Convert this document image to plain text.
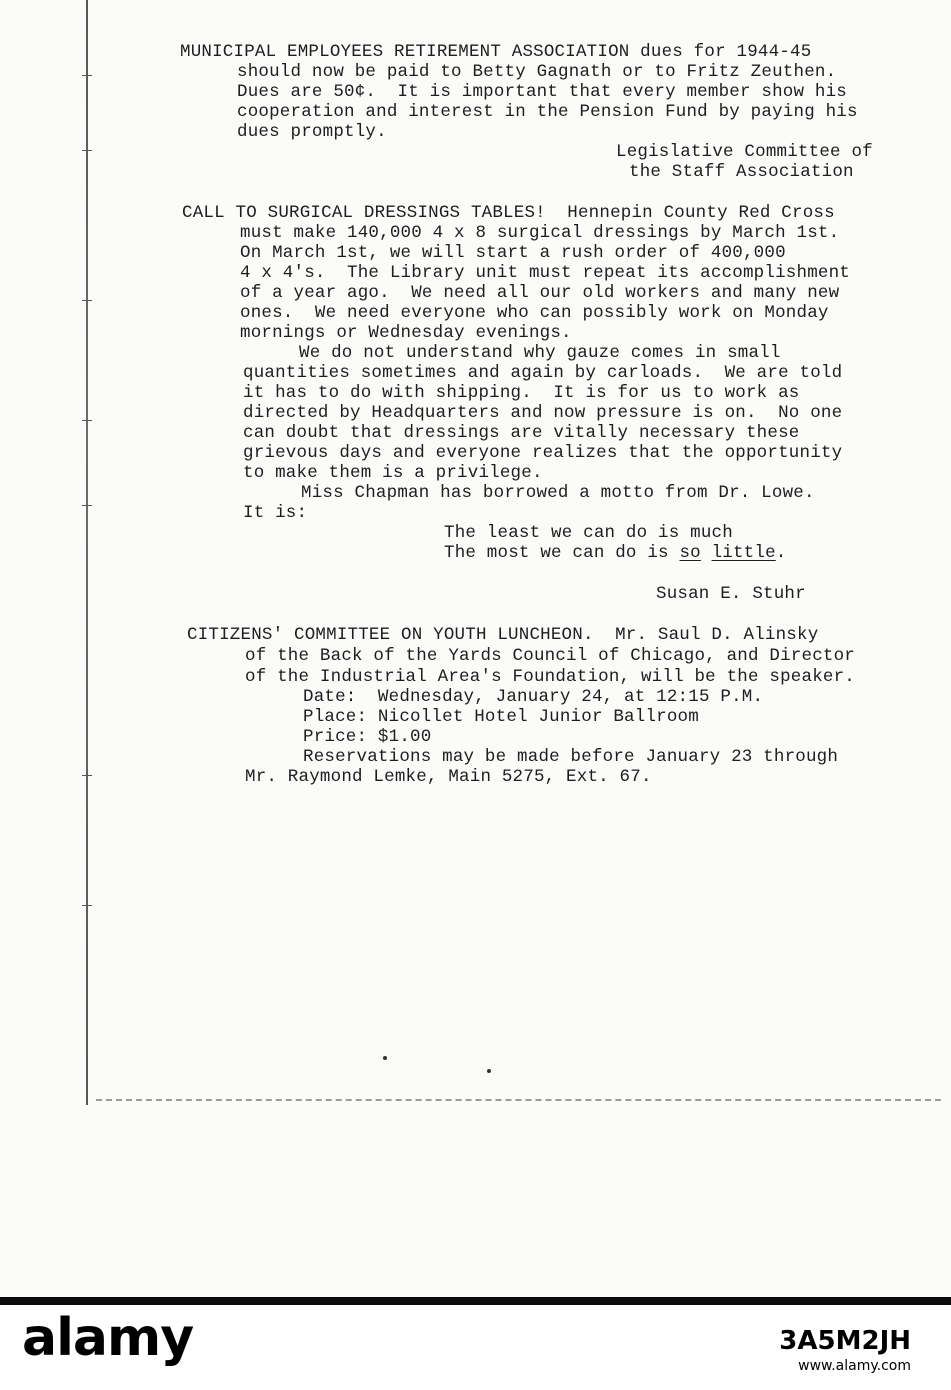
MUNICIPAL EMPLOYEES RETIREMENT ASSOCIATION dues for 1944-45
should now be paid to Betty Gagnath or to Fritz Zeuthen.
Dues are 50¢.  It is important that every member show his
cooperation and interest in the Pension Fund by paying his
dues promptly.
Legislative Committee of
the Staff Association
CALL TO SURGICAL DRESSINGS TABLES!  Hennepin County Red Cross
must make 140,000 4 x 8 surgical dressings by March 1st.
On March 1st, we will start a rush order of 400,000
4 x 4's.  The Library unit must repeat its accomplishment
of a year ago.  We need all our old workers and many new
ones.  We need everyone who can possibly work on Monday
mornings or Wednesday evenings.
We do not understand why gauze comes in small
quantities sometimes and again by carloads.  We are told
it has to do with shipping.  It is for us to work as
directed by Headquarters and now pressure is on.  No one
can doubt that dressings are vitally necessary these
grievous days and everyone realizes that the opportunity
to make them is a privilege.
Miss Chapman has borrowed a motto from Dr. Lowe.
It is:
The least we can do is much
The most we can do is so little.
Susan E. Stuhr
CITIZENS' COMMITTEE ON YOUTH LUNCHEON.  Mr. Saul D. Alinsky
of the Back of the Yards Council of Chicago, and Director
of the Industrial Area's Foundation, will be the speaker.
Date:  Wednesday, January 24, at 12:15 P.M.
Place: Nicollet Hotel Junior Ballroom
Price: $1.00
Reservations may be made before January 23 through
Mr. Raymond Lemke, Main 5275, Ext. 67.
alamy	3A5M2JH
www.alamy.com
